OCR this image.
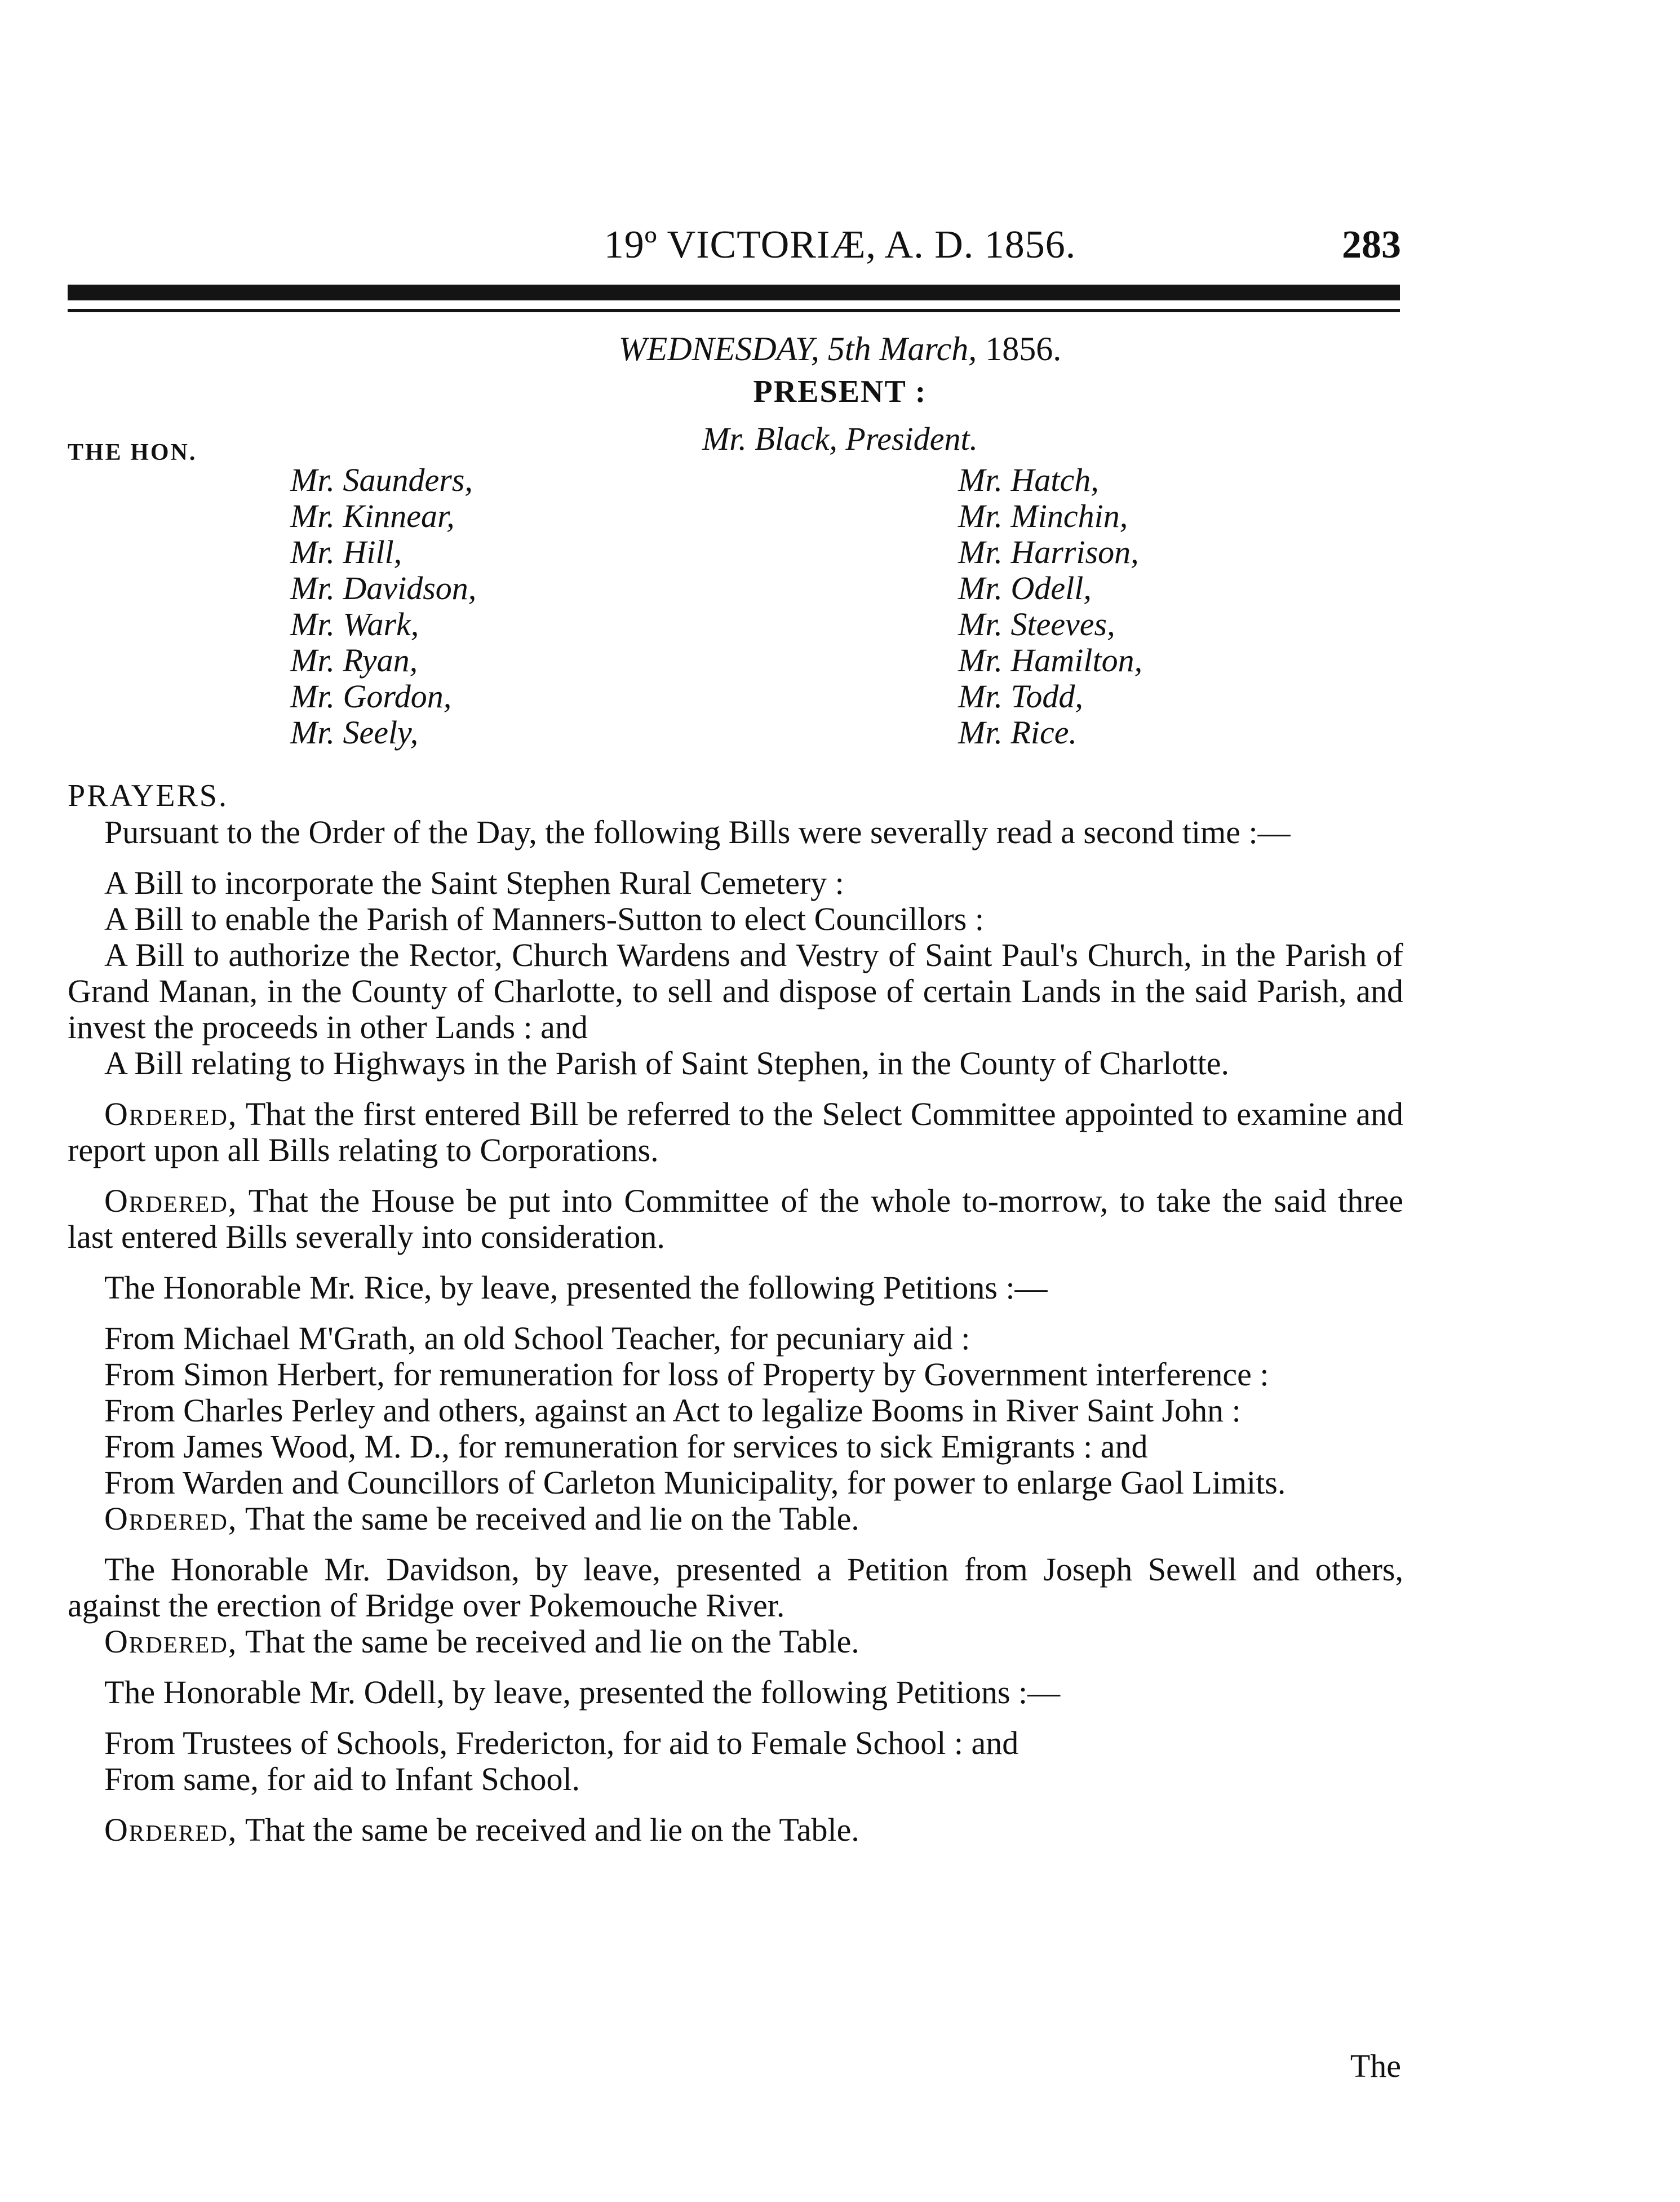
19º VICTORIÆ, A. D. 1856.	283
WEDNESDAY, 5th March, 1856.
PRESENT :
Mr. Black, President.
THE HON.
Mr. Saunders,
Mr. Kinnear,
Mr. Hill,
Mr. Davidson,
Mr. Wark,
Mr. Ryan,
Mr. Gordon,
Mr. Seely,
Mr. Hatch,
Mr. Minchin,
Mr. Harrison,
Mr. Odell,
Mr. Steeves,
Mr. Hamilton,
Mr. Todd,
Mr. Rice.
PRAYERS.

Pursuant to the Order of the Day, the following Bills were severally read a second time :—

A Bill to incorporate the Saint Stephen Rural Cemetery :

A Bill to enable the Parish of Manners-Sutton to elect Councillors :

A Bill to authorize the Rector, Church Wardens and Vestry of Saint Paul's Church, in the Parish of Grand Manan, in the County of Charlotte, to sell and dispose of certain Lands in the said Parish, and invest the proceeds in other Lands : and

A Bill relating to Highways in the Parish of Saint Stephen, in the County of Charlotte.

Ordered, That the first entered Bill be referred to the Select Committee appointed to examine and report upon all Bills relating to Corporations.

Ordered, That the House be put into Committee of the whole to-morrow, to take the said three last entered Bills severally into consideration.

The Honorable Mr. Rice, by leave, presented the following Petitions :—

From Michael M'Grath, an old School Teacher, for pecuniary aid :

From Simon Herbert, for remuneration for loss of Property by Government interference :

From Charles Perley and others, against an Act to legalize Booms in River Saint John :

From James Wood, M. D., for remuneration for services to sick Emigrants : and

From Warden and Councillors of Carleton Municipality, for power to enlarge Gaol Limits.

Ordered, That the same be received and lie on the Table.

The Honorable Mr. Davidson, by leave, presented a Petition from Joseph Sewell and others, against the erection of Bridge over Pokemouche River.

Ordered, That the same be received and lie on the Table.

The Honorable Mr. Odell, by leave, presented the following Petitions :—

From Trustees of Schools, Fredericton, for aid to Female School : and

From same, for aid to Infant School.

Ordered, That the same be received and lie on the Table.

The
